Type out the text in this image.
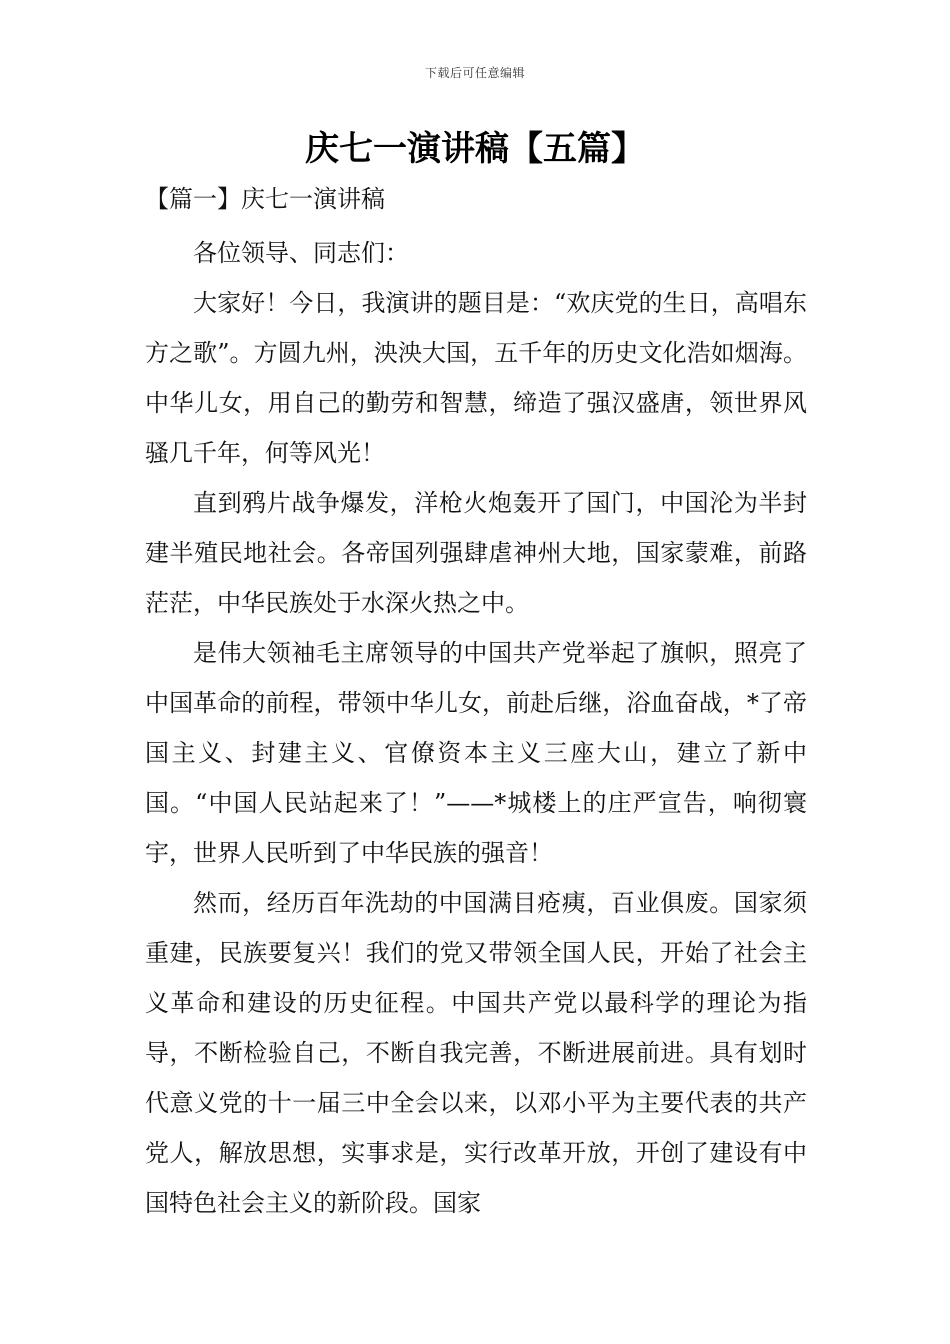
下载后可任意编辑
庆七一演讲稿【五篇】
【篇一】庆七一演讲稿

各位领导、同志们：

大家好！今日，我演讲的题目是：“欢庆党的生日，高唱东方之歌”。方圆九州，泱泱大国，五千年的历史文化浩如烟海。中华儿女，用自己的勤劳和智慧，缔造了强汉盛唐，领世界风骚几千年，何等风光！

直到鸦片战争爆发，洋枪火炮轰开了国门，中国沦为半封建半殖民地社会。各帝国列强肆虐神州大地，国家蒙难，前路茫茫，中华民族处于水深火热之中。

是伟大领袖毛主席领导的中国共产党举起了旗帜，照亮了中国革命的前程，带领中华儿女，前赴后继，浴血奋战，*了帝国主义、封建主义、官僚资本主义三座大山，建立了新中国。“中国人民站起来了！”——*城楼上的庄严宣告，响彻寰宇，世界人民听到了中华民族的强音！

然而，经历百年洗劫的中国满目疮痍，百业俱废。国家须重建，民族要复兴！我们的党又带领全国人民，开始了社会主义革命和建设的历史征程。中国共产党以最科学的理论为指导，不断检验自己，不断自我完善，不断进展前进。具有划时代意义党的十一届三中全会以来，以邓小平为主要代表的共产党人，解放思想，实事求是，实行改革开放，开创了建设有中国特色社会主义的新阶段。国家
